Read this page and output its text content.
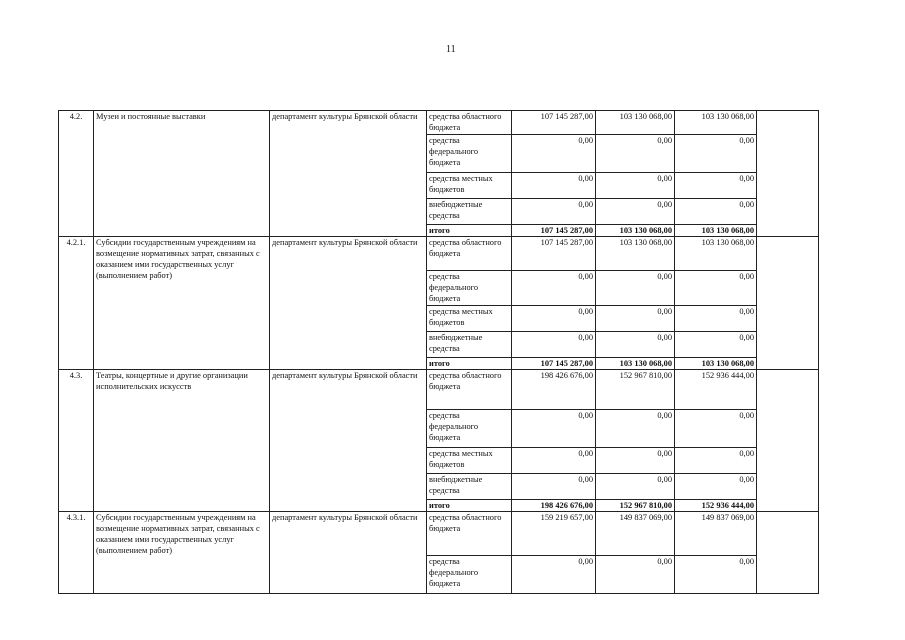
11
4.2.	Музеи и постоянные выставки	департамент культуры Брянской области	средства областного бюджета	107 145 287,00	103 130 068,00	103 130 068,00	
			средства федерального бюджета	0,00	0,00	0,00	
			средства местных бюджетов	0,00	0,00	0,00	
			внебюджетные средства	0,00	0,00	0,00	
			итого	107 145 287,00	103 130 068,00	103 130 068,00	
4.2.1.	Субсидии государственным учреждениям на возмещение нормативных затрат, связанных с оказанием ими государственных услуг (выполнением работ)	департамент культуры Брянской области	средства областного бюджета	107 145 287,00	103 130 068,00	103 130 068,00	
			средства федерального бюджета	0,00	0,00	0,00	
			средства местных бюджетов	0,00	0,00	0,00	
			внебюджетные средства	0,00	0,00	0,00	
			итого	107 145 287,00	103 130 068,00	103 130 068,00	
4.3.	Театры, концертные и другие организации исполнительских искусств	департамент культуры Брянской области	средства областного бюджета	198 426 676,00	152 967 810,00	152 936 444,00	
			средства федерального бюджета	0,00	0,00	0,00	
			средства местных бюджетов	0,00	0,00	0,00	
			внебюджетные средства	0,00	0,00	0,00	
			итого	198 426 676,00	152 967 810,00	152 936 444,00	
4.3.1.	Субсидии государственным учреждениям на возмещение нормативных затрат, связанных с оказанием ими государственных услуг (выполнением работ)	департамент культуры Брянской области	средства областного бюджета	159 219 657,00	149 837 069,00	149 837 069,00	
			средства федерального бюджета	0,00	0,00	0,00	
